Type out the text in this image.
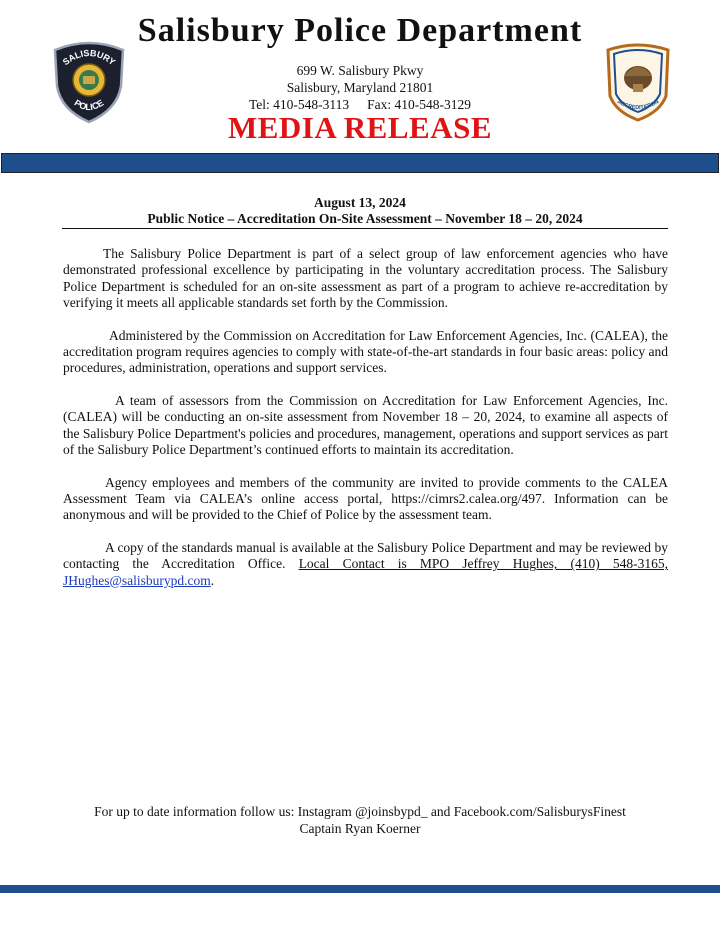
SALISBURY
POLICE	ACCREDITATION
Salisbury Police Department
699 W. Salisbury Pkwy
Salisbury, Maryland 21801
Tel: 410-548-3113 Fax: 410-548-3129
MEDIA RELEASE
August 13, 2024
Public Notice – Accreditation On-Site Assessment – November 18 – 20, 2024

The Salisbury Police Department is part of a select group of law enforcement agencies who have demonstrated professional excellence by participating in the voluntary accreditation process. The Salisbury Police Department is scheduled for an on-site assessment as part of a program to achieve re-accreditation by verifying it meets all applicable standards set forth by the Commission.

Administered by the Commission on Accreditation for Law Enforcement Agencies, Inc. (CALEA), the accreditation program requires agencies to comply with state-of-the-art standards in four basic areas: policy and procedures, administration, operations and support services.

A team of assessors from the Commission on Accreditation for Law Enforcement Agencies, Inc. (CALEA) will be conducting an on-site assessment from November 18 – 20, 2024, to examine all aspects of the Salisbury Police Department's policies and procedures, management, operations and support services as part of the Salisbury Police Department’s continued efforts to maintain its accreditation.

Agency employees and members of the community are invited to provide comments to the CALEA Assessment Team via CALEA’s online access portal, https://cimrs2.calea.org/497. Information can be anonymous and will be provided to the Chief of Police by the assessment team.

A copy of the standards manual is available at the Salisbury Police Department and may be reviewed by contacting the Accreditation Office. Local Contact is MPO Jeffrey Hughes, (410) 548-3165, JHughes@salisburypd.com.

For up to date information follow us: Instagram @joinsbypd_ and Facebook.com/SalisburysFinest
Captain Ryan Koerner
